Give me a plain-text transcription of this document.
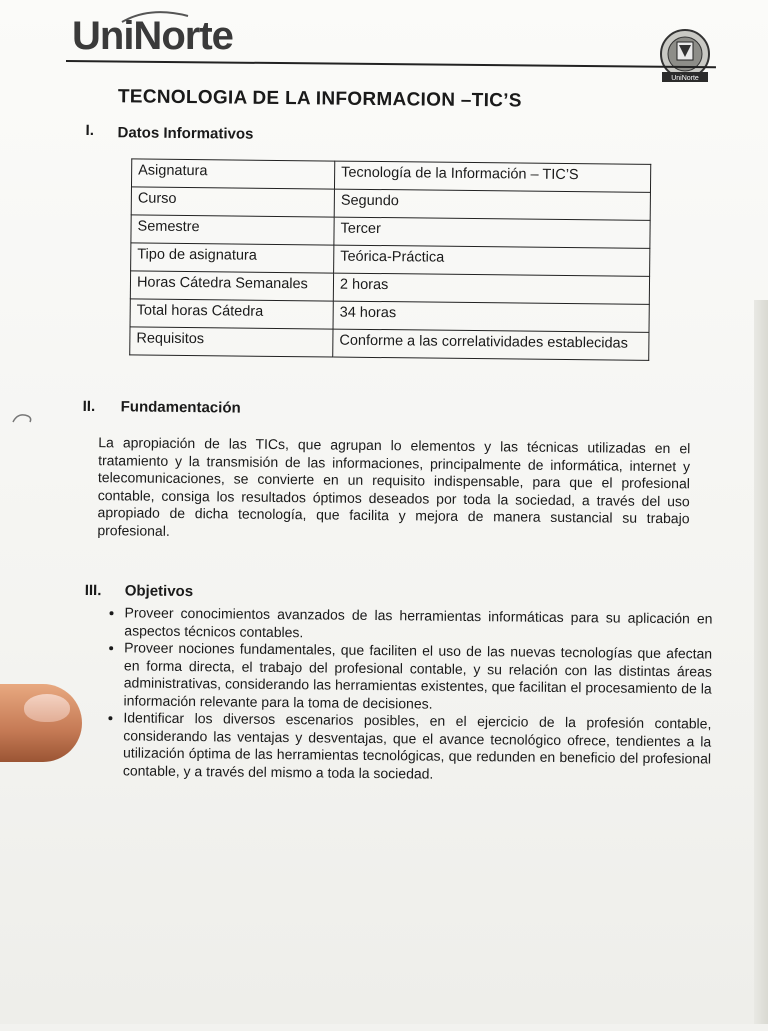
UniNorte
UniNorte
TECNOLOGIA DE LA INFORMACION –TIC’S
I. Datos Informativos
Asignatura	Tecnología de la Información – TIC’S
Curso	Segundo
Semestre	Tercer
Tipo de asignatura	Teórica-Práctica
Horas Cátedra Semanales	2 horas
Total horas Cátedra	34 horas
Requisitos	Conforme a las correlatividades establecidas
II. Fundamentación
La apropiación de las TICs, que agrupan lo elementos y las técnicas utilizadas en el tratamiento y la transmisión de las informaciones, principalmente de informática, internet y telecomunicaciones, se convierte en un requisito indispensable, para que el profesional contable, consiga los resultados óptimos deseados por toda la sociedad, a través del uso apropiado de dicha tecnología, que facilita y mejora de manera sustancial su trabajo profesional.
III. Objetivos
• Proveer conocimientos avanzados de las herramientas informáticas para su aplicación en aspectos técnicos contables.
• Proveer nociones fundamentales, que faciliten el uso de las nuevas tecnologías que afectan en forma directa, el trabajo del profesional contable, y su relación con las distintas áreas administrativas, considerando las herramientas existentes, que facilitan el procesamiento de la información relevante para la toma de decisiones.
• Identificar los diversos escenarios posibles, en el ejercicio de la profesión contable, considerando las ventajas y desventajas, que el avance tecnológico ofrece, tendientes a la utilización óptima de las herramientas tecnológicas, que redunden en beneficio del profesional contable, y a través del mismo a toda la sociedad.
